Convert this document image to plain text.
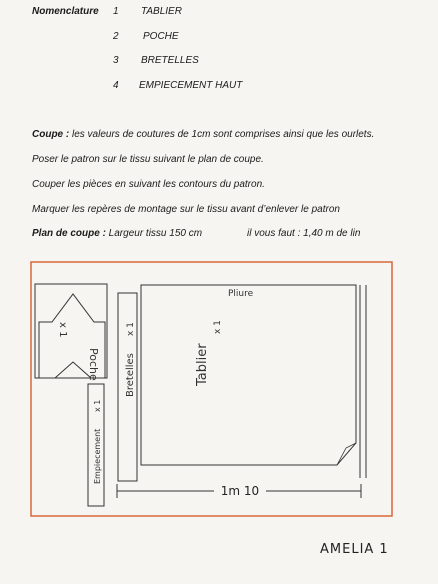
Nomenclature 1 TABLIER
2 POCHE
3 BRETELLES
4 EMPIECEMENT HAUT
Coupe : les valeurs de coutures de 1cm sont comprises ainsi que les ourlets.
Poser le patron sur le tissu suivant le plan de coupe.
Couper les pièces en suivant les contours du patron.
Marquer les repères de montage sur le tissu avant d’enlever le patron
Plan de coupe : Largeur tissu 150 cm	il vous faut : 1,40 m de lin
Poche
x 1
Empiecement
x 1
Bretelles
x 1
Tablier
x 1
Pliure
1m 10
AMELIA 1
